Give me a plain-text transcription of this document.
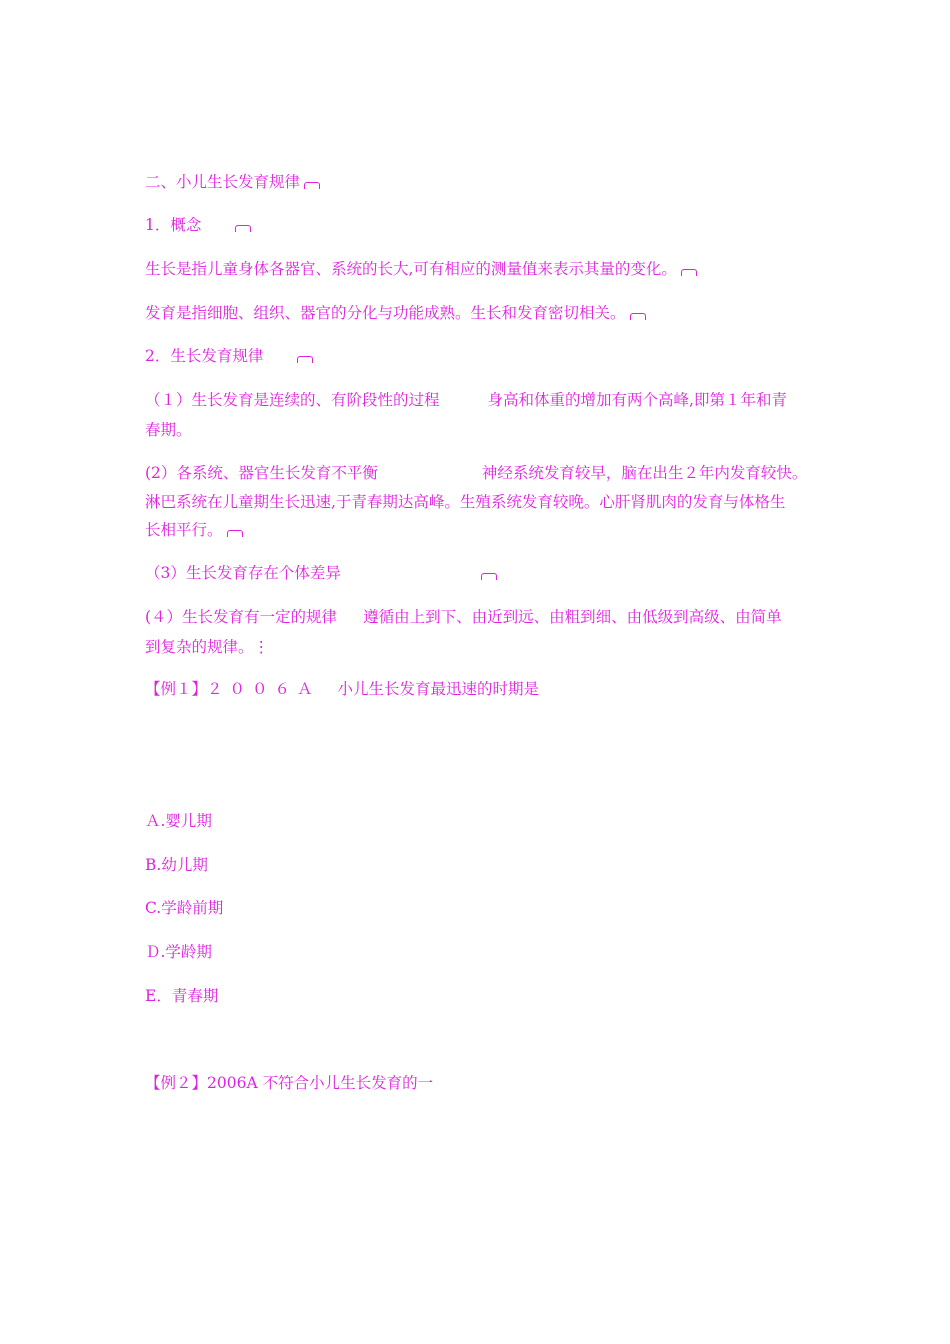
二、小儿生长发育规律
1．概念
生长是指儿童身体各器官、系统的长大,可有相应的测量值来表示其量的变化。
发育是指细胞、组织、器官的分化与功能成熟。生长和发育密切相关。
2．生长发育规律
（１）生长发育是连续的、有阶段性的过程	身高和体重的增加有两个高峰,即第１年和青
春期。
(2）各系统、器官生长发育不平衡	神经系统发育较早，脑在出生２年内发育较快。
淋巴系统在儿童期生长迅速,于青春期达高峰。生殖系统发育较晚。心肝肾肌肉的发育与体格生
长相平行。
（3）生长发育存在个体差异
(４）生长发育有一定的规律 遵循由上到下、由近到远、由粗到细、由低级到高级、由简单
到复杂的规律。⋮
【例１】２００６Ａ 小儿生长发育最迅速的时期是
Ａ.婴儿期
B.幼儿期
C.学龄前期
Ｄ.学龄期
E．青春期
【例２】2006A 不符合小儿生长发育的一
